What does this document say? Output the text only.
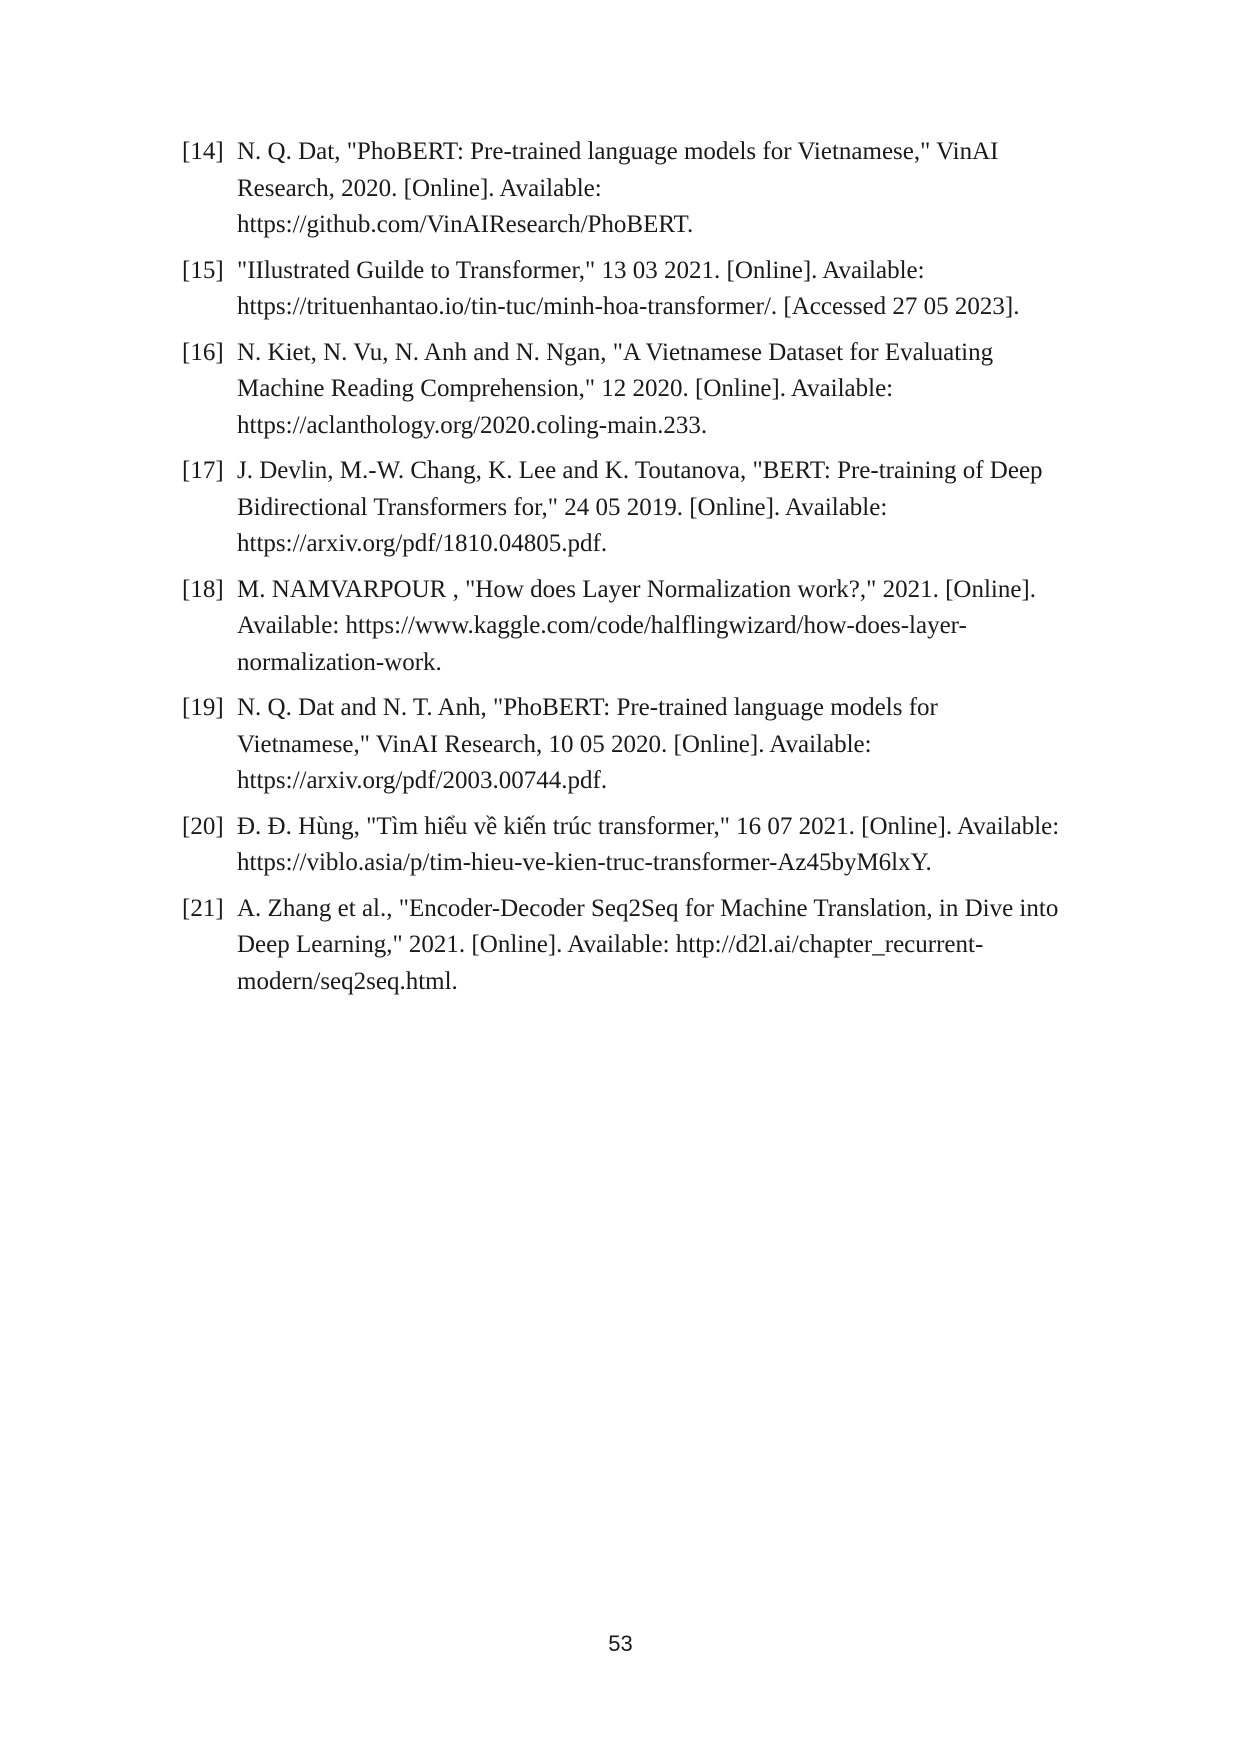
[14] N. Q. Dat, "PhoBERT: Pre-trained language models for Vietnamese," VinAI
Research, 2020. [Online]. Available:
https://github.com/VinAIResearch/PhoBERT.
[15] "IIlustrated Guilde to Transformer," 13 03 2021. [Online]. Available:
https://trituenhantao.io/tin-tuc/minh-hoa-transformer/. [Accessed 27 05 2023].
[16] N. Kiet, N. Vu, N. Anh and N. Ngan, "A Vietnamese Dataset for Evaluating
Machine Reading Comprehension," 12 2020. [Online]. Available:
https://aclanthology.org/2020.coling-main.233.
[17] J. Devlin, M.-W. Chang, K. Lee and K. Toutanova, "BERT: Pre-training of Deep
Bidirectional Transformers for," 24 05 2019. [Online]. Available:
https://arxiv.org/pdf/1810.04805.pdf.
[18] M. NAMVARPOUR , "How does Layer Normalization work?," 2021. [Online].
Available: https://www.kaggle.com/code/halflingwizard/how-does-layer-
normalization-work.
[19] N. Q. Dat and N. T. Anh, "PhoBERT: Pre-trained language models for
Vietnamese," VinAI Research, 10 05 2020. [Online]. Available:
https://arxiv.org/pdf/2003.00744.pdf.
[20] Đ. Đ. Hùng, "Tìm hiểu về kiến trúc transformer," 16 07 2021. [Online]. Available:
https://viblo.asia/p/tim-hieu-ve-kien-truc-transformer-Az45byM6lxY.
[21] A. Zhang et al., "Encoder-Decoder Seq2Seq for Machine Translation, in Dive into
Deep Learning," 2021. [Online]. Available: http://d2l.ai/chapter_recurrent-
modern/seq2seq.html.
53
